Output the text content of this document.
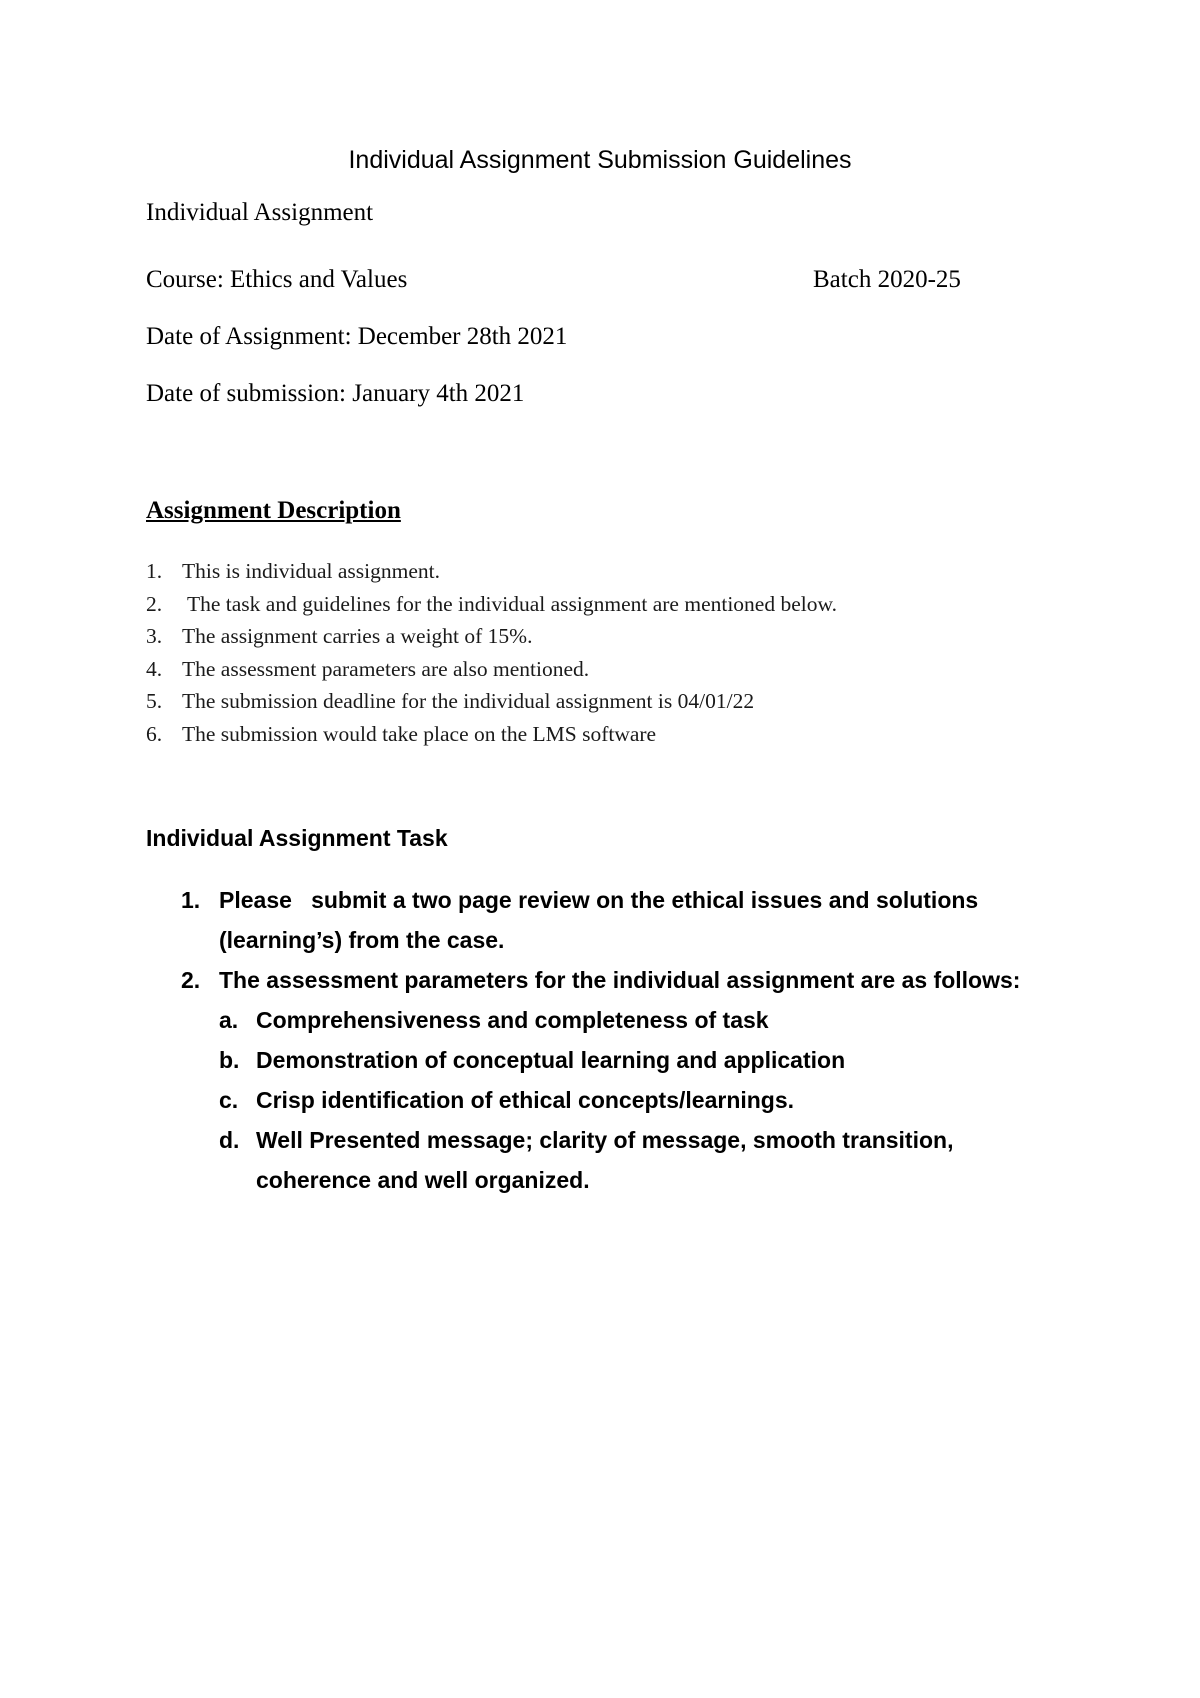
Individual Assignment Submission Guidelines
Individual Assignment
Course: Ethics and Values	Batch 2020-25
Date of Assignment: December 28th 2021
Date of submission: January 4th 2021
Assignment Description
1. This is individual assignment.
2. The task and guidelines for the individual assignment are mentioned below.
3. The assignment carries a weight of 15%.
4. The assessment parameters are also mentioned.
5. The submission deadline for the individual assignment is 04/01/22
6. The submission would take place on the LMS software
Individual Assignment Task
1. Please   submit a two page review on the ethical issues and solutions (learning’s) from the case.
2. The assessment parameters for the individual assignment are as follows:
a. Comprehensiveness and completeness of task
b. Demonstration of conceptual learning and application
c. Crisp identification of ethical concepts/learnings.
d. Well Presented message; clarity of message, smooth transition, coherence and well organized.
